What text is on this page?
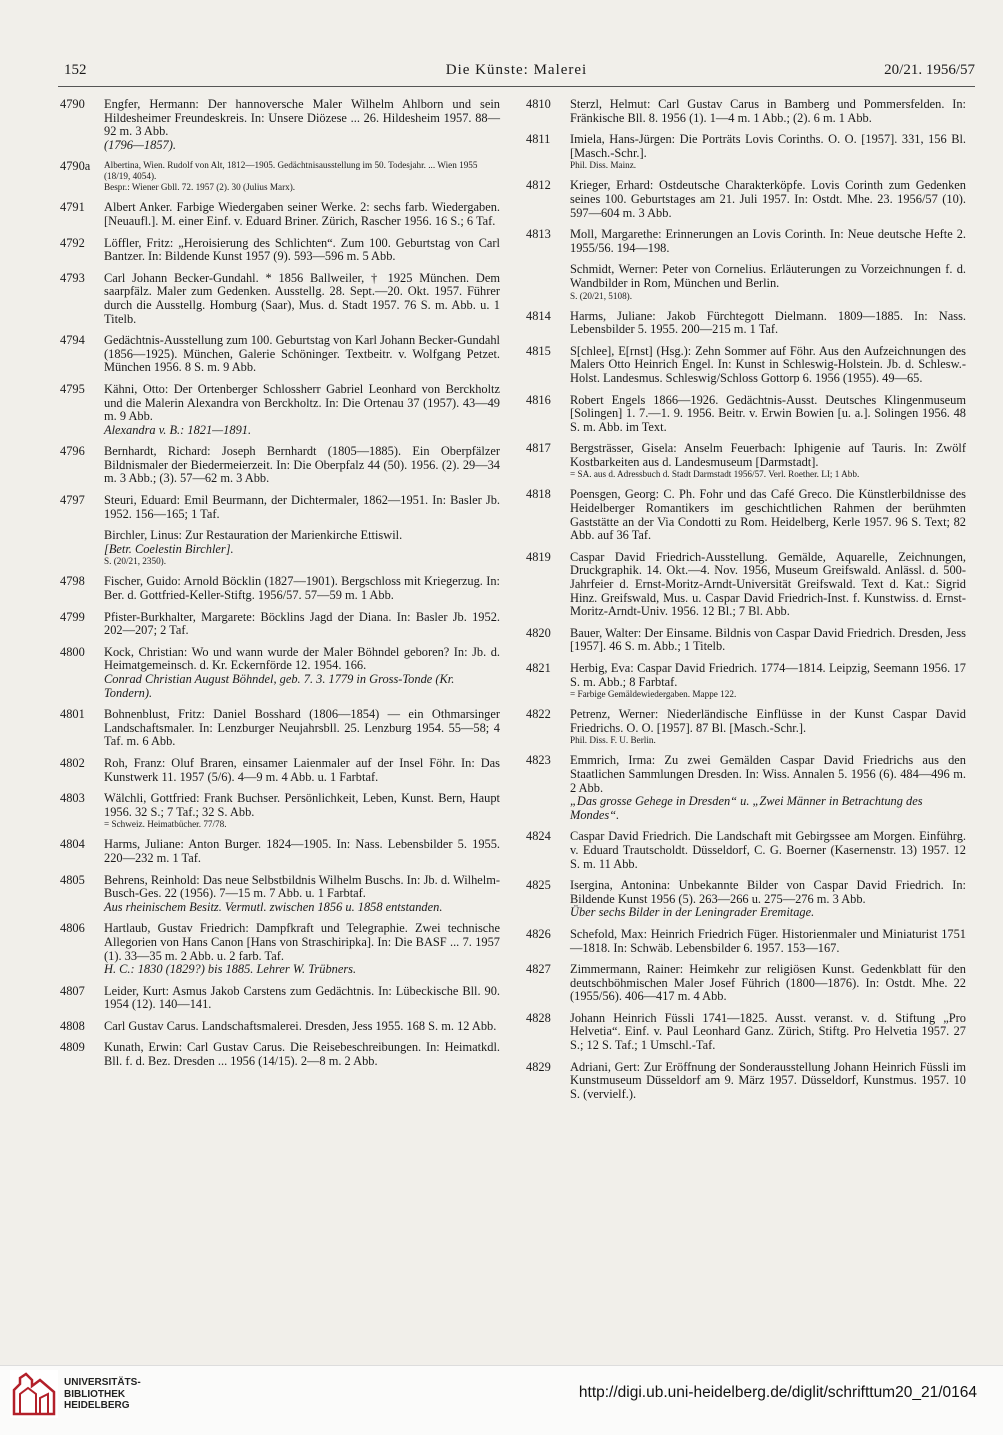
152	Die Künste: Malerei	20/21. 1956/57
4790 Engfer, Hermann: Der hannoversche Maler Wilhelm Ahlborn und sein Hildesheimer Freundeskreis. In: Unsere Diözese ... 26. Hildesheim 1957. 88—92 m. 3 Abb.
(1796—1857).
4790a Albertina, Wien. Rudolf von Alt, 1812—1905. Gedächtnisausstellung im 50. Todesjahr. ... Wien 1955 (18/19, 4054).
Bespr.: Wiener Gbll. 72. 1957 (2). 30 (Julius Marx).
4791 Albert Anker. Farbige Wiedergaben seiner Werke. 2: sechs farb. Wiedergaben. [Neuaufl.]. M. einer Einf. v. Eduard Briner. Zürich, Rascher 1956. 16 S.; 6 Taf.
4792 Löffler, Fritz: „Heroisierung des Schlichten“. Zum 100. Geburtstag von Carl Bantzer. In: Bildende Kunst 1957 (9). 593—596 m. 5 Abb.
4793 Carl Johann Becker-Gundahl. * 1856 Ballweiler, † 1925 München. Dem saarpfälz. Maler zum Gedenken. Ausstellg. 28. Sept.—20. Okt. 1957. Führer durch die Ausstellg. Homburg (Saar), Mus. d. Stadt 1957. 76 S. m. Abb. u. 1 Titelb.
4794 Gedächtnis-Ausstellung zum 100. Geburtstag von Karl Johann Becker-Gundahl (1856—1925). München, Galerie Schöninger. Textbeitr. v. Wolfgang Petzet. München 1956. 8 S. m. 9 Abb.
4795 Kähni, Otto: Der Ortenberger Schlossherr Gabriel Leonhard von Berckholtz und die Malerin Alexandra von Berckholtz. In: Die Ortenau 37 (1957). 43—49 m. 9 Abb.
Alexandra v. B.: 1821—1891.
4796 Bernhardt, Richard: Joseph Bernhardt (1805—1885). Ein Oberpfälzer Bildnismaler der Biedermeierzeit. In: Die Oberpfalz 44 (50). 1956. (2). 29—34 m. 3 Abb.; (3). 57—62 m. 3 Abb.
4797 Steuri, Eduard: Emil Beurmann, der Dichtermaler, 1862—1951. In: Basler Jb. 1952. 156—165; 1 Taf.
Birchler, Linus: Zur Restauration der Marienkirche Ettiswil.
[Betr. Coelestin Birchler].
S. (20/21, 2350).
4798 Fischer, Guido: Arnold Böcklin (1827—1901). Bergschloss mit Kriegerzug. In: Ber. d. Gottfried-Keller-Stiftg. 1956/57. 57—59 m. 1 Abb.
4799 Pfister-Burkhalter, Margarete: Böcklins Jagd der Diana. In: Basler Jb. 1952. 202—207; 2 Taf.
4800 Kock, Christian: Wo und wann wurde der Maler Böhndel geboren? In: Jb. d. Heimatgemeinsch. d. Kr. Eckernförde 12. 1954. 166.
Conrad Christian August Böhndel, geb. 7. 3. 1779 in Gross-Tonde (Kr. Tondern).
4801 Bohnenblust, Fritz: Daniel Bosshard (1806—1854) — ein Othmarsinger Landschaftsmaler. In: Lenzburger Neujahrsbll. 25. Lenzburg 1954. 55—58; 4 Taf. m. 6 Abb.
4802 Roh, Franz: Oluf Braren, einsamer Laienmaler auf der Insel Föhr. In: Das Kunstwerk 11. 1957 (5/6). 4—9 m. 4 Abb. u. 1 Farbtaf.
4803 Wälchli, Gottfried: Frank Buchser. Persönlichkeit, Leben, Kunst. Bern, Haupt 1956. 32 S.; 7 Taf.; 32 S. Abb.
= Schweiz. Heimatbücher. 77/78.
4804 Harms, Juliane: Anton Burger. 1824—1905. In: Nass. Lebensbilder 5. 1955. 220—232 m. 1 Taf.
4805 Behrens, Reinhold: Das neue Selbstbildnis Wilhelm Buschs. In: Jb. d. Wilhelm-Busch-Ges. 22 (1956). 7—15 m. 7 Abb. u. 1 Farbtaf.
Aus rheinischem Besitz. Vermutl. zwischen 1856 u. 1858 entstanden.
4806 Hartlaub, Gustav Friedrich: Dampfkraft und Telegraphie. Zwei technische Allegorien von Hans Canon [Hans von Straschiripka]. In: Die BASF ... 7. 1957 (1). 33—35 m. 2 Abb. u. 2 farb. Taf.
H. C.: 1830 (1829?) bis 1885. Lehrer W. Trübners.
4807 Leider, Kurt: Asmus Jakob Carstens zum Gedächtnis. In: Lübeckische Bll. 90. 1954 (12). 140—141.
4808 Carl Gustav Carus. Landschaftsmalerei. Dresden, Jess 1955. 168 S. m. 12 Abb.
4809 Kunath, Erwin: Carl Gustav Carus. Die Reisebeschreibungen. In: Heimatkdl. Bll. f. d. Bez. Dresden ... 1956 (14/15). 2—8 m. 2 Abb.
4810 Sterzl, Helmut: Carl Gustav Carus in Bamberg und Pommersfelden. In: Fränkische Bll. 8. 1956 (1). 1—4 m. 1 Abb.; (2). 6 m. 1 Abb.
4811 Imiela, Hans-Jürgen: Die Porträts Lovis Corinths. O. O. [1957]. 331, 156 Bl. [Masch.-Schr.].
Phil. Diss. Mainz.
4812 Krieger, Erhard: Ostdeutsche Charakterköpfe. Lovis Corinth zum Gedenken seines 100. Geburtstages am 21. Juli 1957. In: Ostdt. Mhe. 23. 1956/57 (10). 597—604 m. 3 Abb.
4813 Moll, Margarethe: Erinnerungen an Lovis Corinth. In: Neue deutsche Hefte 2. 1955/56. 194—198.
Schmidt, Werner: Peter von Cornelius. Erläuterungen zu Vorzeichnungen f. d. Wandbilder in Rom, München und Berlin.
S. (20/21, 5108).
4814 Harms, Juliane: Jakob Fürchtegott Dielmann. 1809—1885. In: Nass. Lebensbilder 5. 1955. 200—215 m. 1 Taf.
4815 S[chlee], E[rnst] (Hsg.): Zehn Sommer auf Föhr. Aus den Aufzeichnungen des Malers Otto Heinrich Engel. In: Kunst in Schleswig-Holstein. Jb. d. Schlesw.-Holst. Landesmus. Schleswig/Schloss Gottorp 6. 1956 (1955). 49—65.
4816 Robert Engels 1866—1926. Gedächtnis-Ausst. Deutsches Klingenmuseum [Solingen] 1. 7.—1. 9. 1956. Beitr. v. Erwin Bowien [u. a.]. Solingen 1956. 48 S. m. Abb. im Text.
4817 Bergsträsser, Gisela: Anselm Feuerbach: Iphigenie auf Tauris. In: Zwölf Kostbarkeiten aus d. Landesmuseum [Darmstadt].
= SA. aus d. Adressbuch d. Stadt Darmstadt 1956/57. Verl. Roether. LI; 1 Abb.
4818 Poensgen, Georg: C. Ph. Fohr und das Café Greco. Die Künstlerbildnisse des Heidelberger Romantikers im geschichtlichen Rahmen der berühmten Gaststätte an der Via Condotti zu Rom. Heidelberg, Kerle 1957. 96 S. Text; 82 Abb. auf 36 Taf.
4819 Caspar David Friedrich-Ausstellung. Gemälde, Aquarelle, Zeichnungen, Druckgraphik. 14. Okt.—4. Nov. 1956, Museum Greifswald. Anlässl. d. 500-Jahrfeier d. Ernst-Moritz-Arndt-Universität Greifswald. Text d. Kat.: Sigrid Hinz. Greifswald, Mus. u. Caspar David Friedrich-Inst. f. Kunstwiss. d. Ernst-Moritz-Arndt-Univ. 1956. 12 Bl.; 7 Bl. Abb.
4820 Bauer, Walter: Der Einsame. Bildnis von Caspar David Friedrich. Dresden, Jess [1957]. 46 S. m. Abb.; 1 Titelb.
4821 Herbig, Eva: Caspar David Friedrich. 1774—1814. Leipzig, Seemann 1956. 17 S. m. Abb.; 8 Farbtaf.
= Farbige Gemäldewiedergaben. Mappe 122.
4822 Petrenz, Werner: Niederländische Einflüsse in der Kunst Caspar David Friedrichs. O. O. [1957]. 87 Bl. [Masch.-Schr.].
Phil. Diss. F. U. Berlin.
4823 Emmrich, Irma: Zu zwei Gemälden Caspar David Friedrichs aus den Staatlichen Sammlungen Dresden. In: Wiss. Annalen 5. 1956 (6). 484—496 m. 2 Abb.
„Das grosse Gehege in Dresden“ u. „Zwei Männer in Betrachtung des Mondes“.
4824 Caspar David Friedrich. Die Landschaft mit Gebirgssee am Morgen. Einführg. v. Eduard Trautscholdt. Düsseldorf, C. G. Boerner (Kasernenstr. 13) 1957. 12 S. m. 11 Abb.
4825 Isergina, Antonina: Unbekannte Bilder von Caspar David Friedrich. In: Bildende Kunst 1956 (5). 263—266 u. 275—276 m. 3 Abb.
Über sechs Bilder in der Leningrader Eremitage.
4826 Schefold, Max: Heinrich Friedrich Füger. Historienmaler und Miniaturist 1751—1818. In: Schwäb. Lebensbilder 6. 1957. 153—167.
4827 Zimmermann, Rainer: Heimkehr zur religiösen Kunst. Gedenkblatt für den deutschböhmischen Maler Josef Führich (1800—1876). In: Ostdt. Mhe. 22 (1955/56). 406—417 m. 4 Abb.
4828 Johann Heinrich Füssli 1741—1825. Ausst. veranst. v. d. Stiftung „Pro Helvetia“. Einf. v. Paul Leonhard Ganz. Zürich, Stiftg. Pro Helvetia 1957. 27 S.; 12 S. Taf.; 1 Umschl.-Taf.
4829 Adriani, Gert: Zur Eröffnung der Sonderausstellung Johann Heinrich Füssli im Kunstmuseum Düsseldorf am 9. März 1957. Düsseldorf, Kunstmus. 1957. 10 S. (vervielf.).
UNIVERSITÄTS-
BIBLIOTHEK
HEIDELBERG
http://digi.ub.uni-heidelberg.de/diglit/schrifttum20_21/0164
